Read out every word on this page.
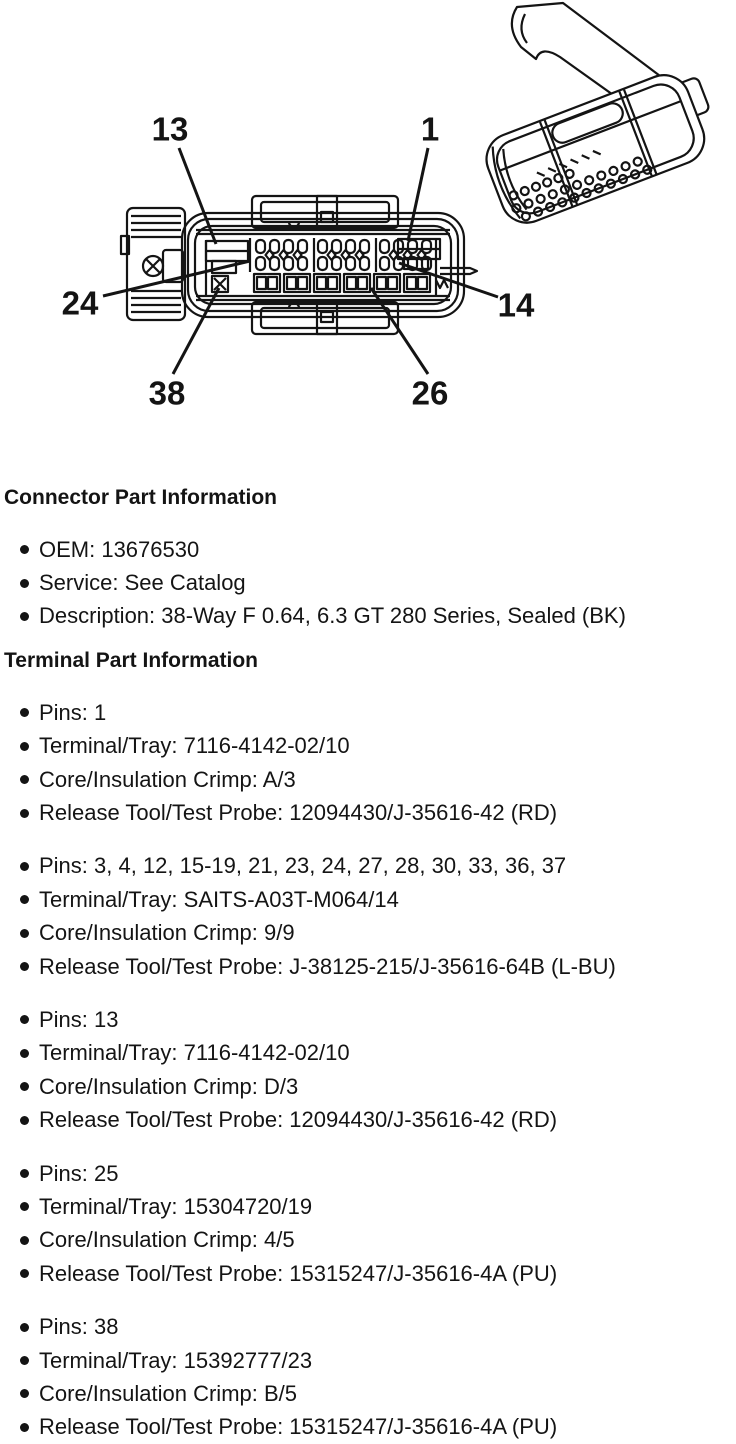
13	1
24	14
38	26
Connector Part Information
OEM: 13676530
Service: See Catalog
Description: 38-Way F 0.64, 6.3 GT 280 Series, Sealed (BK)
Terminal Part Information
Pins: 1
Terminal/Tray: 7116-4142-02/10
Core/Insulation Crimp: A/3
Release Tool/Test Probe: 12094430/J-35616-42 (RD)
Pins: 3, 4, 12, 15-19, 21, 23, 24, 27, 28, 30, 33, 36, 37
Terminal/Tray: SAITS-A03T-M064/14
Core/Insulation Crimp: 9/9
Release Tool/Test Probe: J-38125-215/J-35616-64B (L-BU)
Pins: 13
Terminal/Tray: 7116-4142-02/10
Core/Insulation Crimp: D/3
Release Tool/Test Probe: 12094430/J-35616-42 (RD)
Pins: 25
Terminal/Tray: 15304720/19
Core/Insulation Crimp: 4/5
Release Tool/Test Probe: 15315247/J-35616-4A (PU)
Pins: 38
Terminal/Tray: 15392777/23
Core/Insulation Crimp: B/5
Release Tool/Test Probe: 15315247/J-35616-4A (PU)
